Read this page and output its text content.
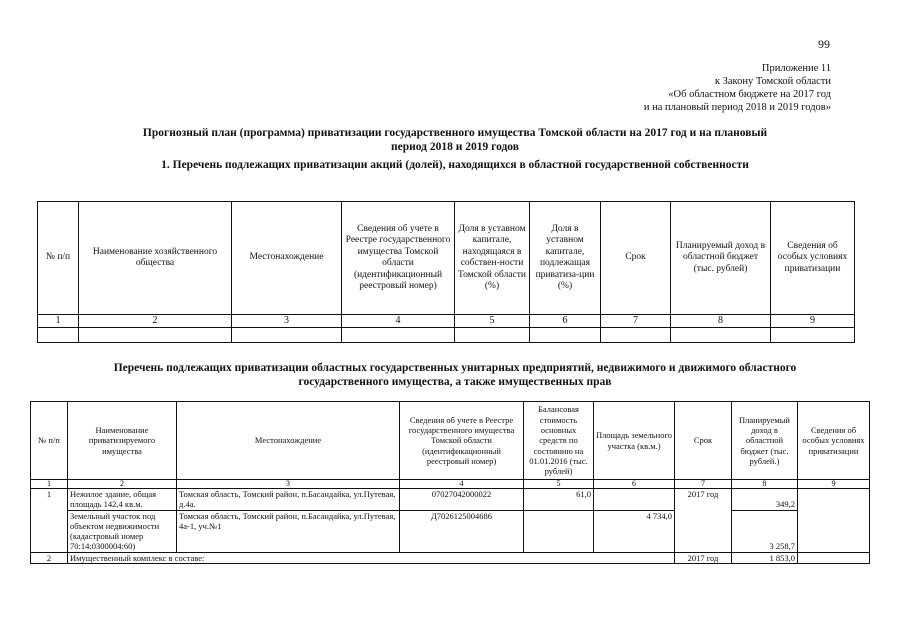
99
Приложение 11
к Закону Томской области
«Об областном бюджете на 2017 год
и на плановый период 2018 и 2019 годов»
Прогнозный план (программа) приватизации государственного имущества Томской области на 2017 год и на плановый
период 2018 и 2019 годов
1. Перечень подлежащих приватизации акций (долей), находящихся в областной государственной собственности
№ п/п	Наименование хозяйственного общества	Местонахождение	Сведения об учете в Реестре государственного имущества Томской области (идентификационный реестровый номер)	Доля в уставном капитале, находящаяся в собствен-ности Томской области (%)	Доля в уставном капитале, подлежащая приватиза-ции (%)	Срок	Планируемый доход в областной бюджет (тыс. рублей)	Сведения об особых условиях приватизации
1	2	3	4	5	6	7	8	9

Перечень подлежащих приватизации областных государственных унитарных предприятий, недвижимого и движимого областного
государственного имущества, а также имущественных прав
№ п/п	Наименование приватизируемого имущества	Местонахождение	Сведения об учете в Реестре государственного имущества Томской области (идентификационный реестровый номер)	Балансовая стоимость основных средств по состоянию на 01.01.2016 (тыс. рублей)	Площадь земельного участка (кв.м.)	Срок	Планируемый доход в областной бюджет (тыс. рублей.)	Сведения об особых условиях приватизации
1	2	3	4	5	6	7	8	9
1	Нежилое здание, общая площадь 142,4 кв.м.	Томская область, Томский район, п.Басандайка, ул.Путевая, д.4а.	07027042000022	61,0		2017 год	349,2	
	Земельный участок под объектом недвижимости (кадастровый номер 70:14:0300004:60)	Томская область, Томский район, п.Басандайка, ул.Путевая, 4а-1, уч.№1	Д7026125004686		4 734,0		3 258,7	
2	Имущественный комплекс в составе:					2017 год	1 853,0	
